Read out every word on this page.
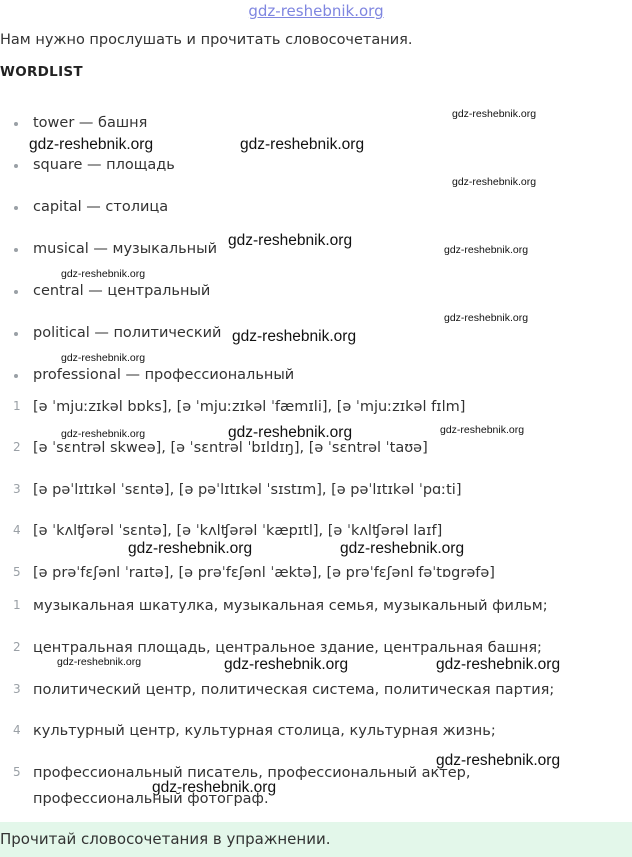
gdz-reshebnik.org
Нам нужно прослушать и прочитать словосочетания.
WORDLIST
tower — башня
square — площадь
capital — столица
musical — музыкальный
central — центральный
political — политический
professional — профессиональный
1 [ə ˈmjuːzɪkəl bɒks], [ə ˈmjuːzɪkəl ˈfæmɪli], [ə ˈmjuːzɪkəl fɪlm]
2 [ə ˈsɛntrəl skweə], [ə ˈsɛntrəl ˈbɪldɪŋ], [ə ˈsɛntrəl ˈtaʊə]
3 [ə pəˈlɪtɪkəl ˈsɛntə], [ə pəˈlɪtɪkəl ˈsɪstɪm], [ə pəˈlɪtɪkəl ˈpɑːti]
4 [ə ˈkʌlʧərəl ˈsɛntə], [ə ˈkʌlʧərəl ˈkæpɪtl], [ə ˈkʌlʧərəl laɪf]
5 [ə prəˈfɛʃənl ˈraɪtə], [ə prəˈfɛʃənl ˈæktə], [ə prəˈfɛʃənl fəˈtɒgrəfə]
1 музыкальная шкатулка, музыкальная семья, музыкальный фильм;
2 центральная площадь, центральное здание, центральная башня;
3 политический центр, политическая система, политическая партия;
4 культурный центр, культурная столица, культурная жизнь;
5 профессиональный писатель, профессиональный актер,
профессиональный фотограф.
Прочитай словосочетания в упражнении.
gdz-reshebnik.org
gdz-reshebnik.org	gdz-reshebnik.org
gdz-reshebnik.org
gdz-reshebnik.org
gdz-reshebnik.org
gdz-reshebnik.org
gdz-reshebnik.org
gdz-reshebnik.org
gdz-reshebnik.org
gdz-reshebnik.org	gdz-reshebnik.org	gdz-reshebnik.org
gdz-reshebnik.org	gdz-reshebnik.org
gdz-reshebnik.org	gdz-reshebnik.org	gdz-reshebnik.org
gdz-reshebnik.org
gdz-reshebnik.org
